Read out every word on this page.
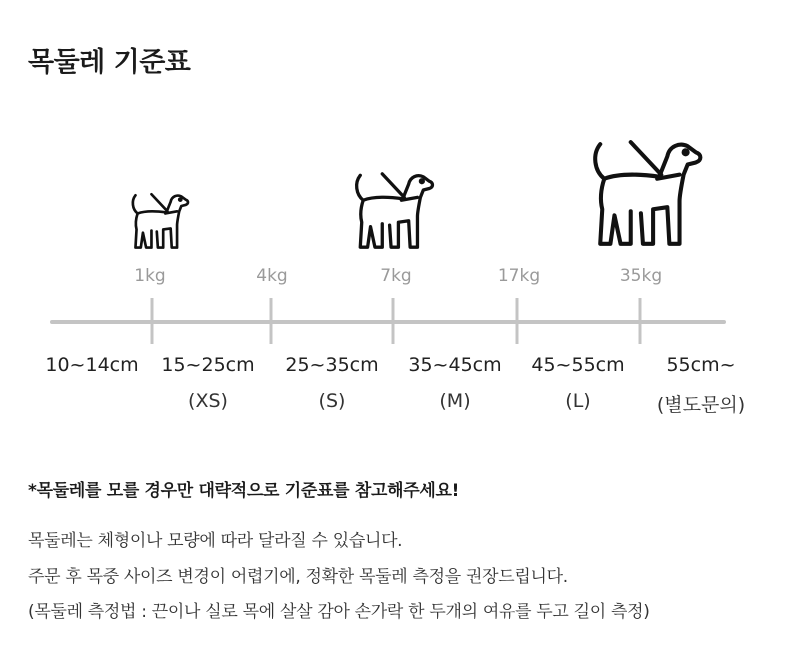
목둘레 기준표
1kg	4kg	7kg	17kg	35kg
10~14cm 15~25cm 25~35cm 35~45cm 45~55cm 55cm~
(XS)	(S)	(M)	(L)	(별도문의)
*목둘레를 모를 경우만 대략적으로 기준표를 참고해주세요!
목둘레는 체형이나 모량에 따라 달라질 수 있습니다.
주문 후 목중 사이즈 변경이 어렵기에, 정확한 목둘레 측정을 권장드립니다.
(목둘레 측정법 : 끈이나 실로 목에 살살 감아 손가락 한 두개의 여유를 두고 길이 측정)
